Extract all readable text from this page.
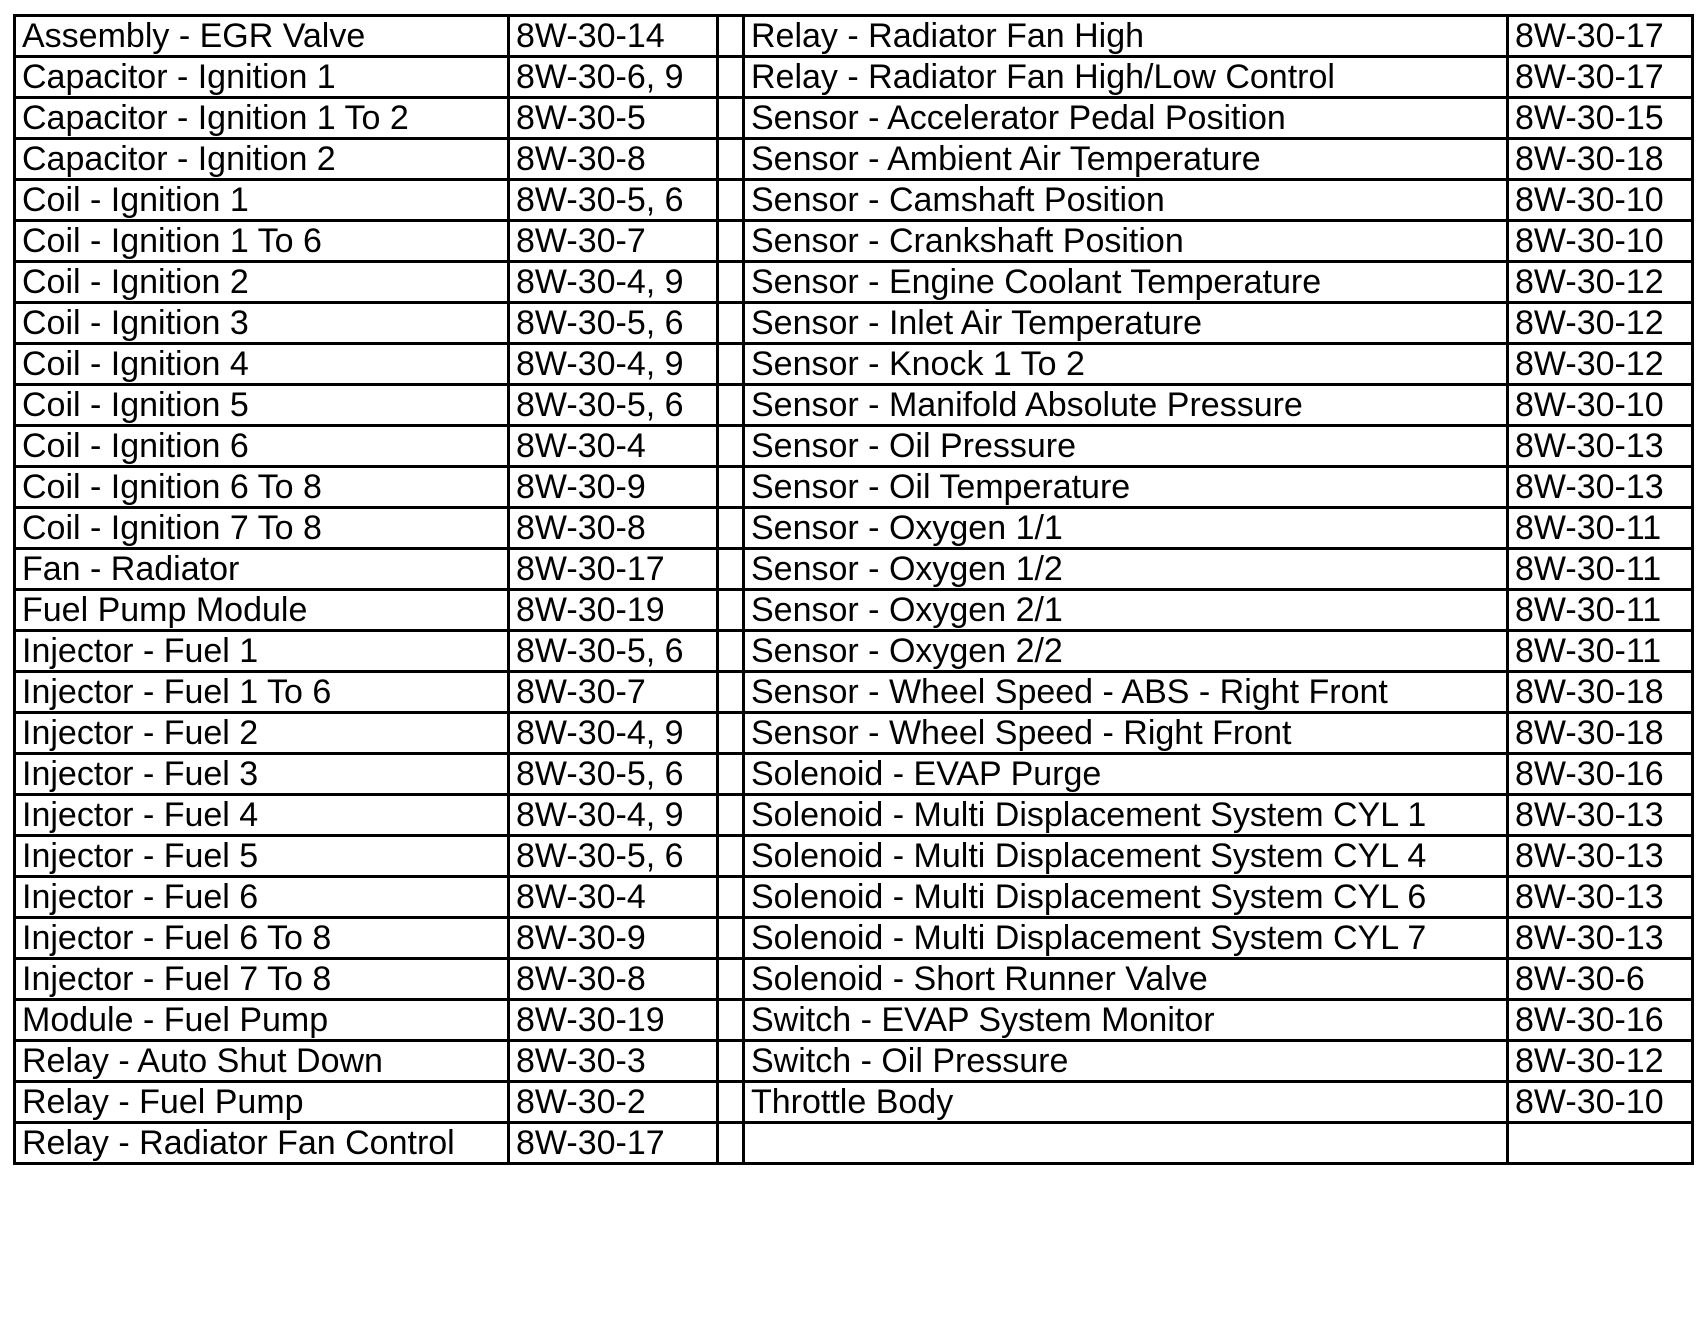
Assembly - EGR Valve	8W-30-14		Relay - Radiator Fan High	8W-30-17
Capacitor - Ignition 1	8W-30-6, 9		Relay - Radiator Fan High/Low Control	8W-30-17
Capacitor - Ignition 1 To 2	8W-30-5		Sensor - Accelerator Pedal Position	8W-30-15
Capacitor - Ignition 2	8W-30-8		Sensor - Ambient Air Temperature	8W-30-18
Coil - Ignition 1	8W-30-5, 6		Sensor - Camshaft Position	8W-30-10
Coil - Ignition 1 To 6	8W-30-7		Sensor - Crankshaft Position	8W-30-10
Coil - Ignition 2	8W-30-4, 9		Sensor - Engine Coolant Temperature	8W-30-12
Coil - Ignition 3	8W-30-5, 6		Sensor - Inlet Air Temperature	8W-30-12
Coil - Ignition 4	8W-30-4, 9		Sensor - Knock 1 To 2	8W-30-12
Coil - Ignition 5	8W-30-5, 6		Sensor - Manifold Absolute Pressure	8W-30-10
Coil - Ignition 6	8W-30-4		Sensor - Oil Pressure	8W-30-13
Coil - Ignition 6 To 8	8W-30-9		Sensor - Oil Temperature	8W-30-13
Coil - Ignition 7 To 8	8W-30-8		Sensor - Oxygen 1/1	8W-30-11
Fan - Radiator	8W-30-17		Sensor - Oxygen 1/2	8W-30-11
Fuel Pump Module	8W-30-19		Sensor - Oxygen 2/1	8W-30-11
Injector - Fuel 1	8W-30-5, 6		Sensor - Oxygen 2/2	8W-30-11
Injector - Fuel 1 To 6	8W-30-7		Sensor - Wheel Speed - ABS - Right Front	8W-30-18
Injector - Fuel 2	8W-30-4, 9		Sensor - Wheel Speed - Right Front	8W-30-18
Injector - Fuel 3	8W-30-5, 6		Solenoid - EVAP Purge	8W-30-16
Injector - Fuel 4	8W-30-4, 9		Solenoid - Multi Displacement System CYL 1	8W-30-13
Injector - Fuel 5	8W-30-5, 6		Solenoid - Multi Displacement System CYL 4	8W-30-13
Injector - Fuel 6	8W-30-4		Solenoid - Multi Displacement System CYL 6	8W-30-13
Injector - Fuel 6 To 8	8W-30-9		Solenoid - Multi Displacement System CYL 7	8W-30-13
Injector - Fuel 7 To 8	8W-30-8		Solenoid - Short Runner Valve	8W-30-6
Module - Fuel Pump	8W-30-19		Switch - EVAP System Monitor	8W-30-16
Relay - Auto Shut Down	8W-30-3		Switch - Oil Pressure	8W-30-12
Relay - Fuel Pump	8W-30-2		Throttle Body	8W-30-10
Relay - Radiator Fan Control	8W-30-17			
